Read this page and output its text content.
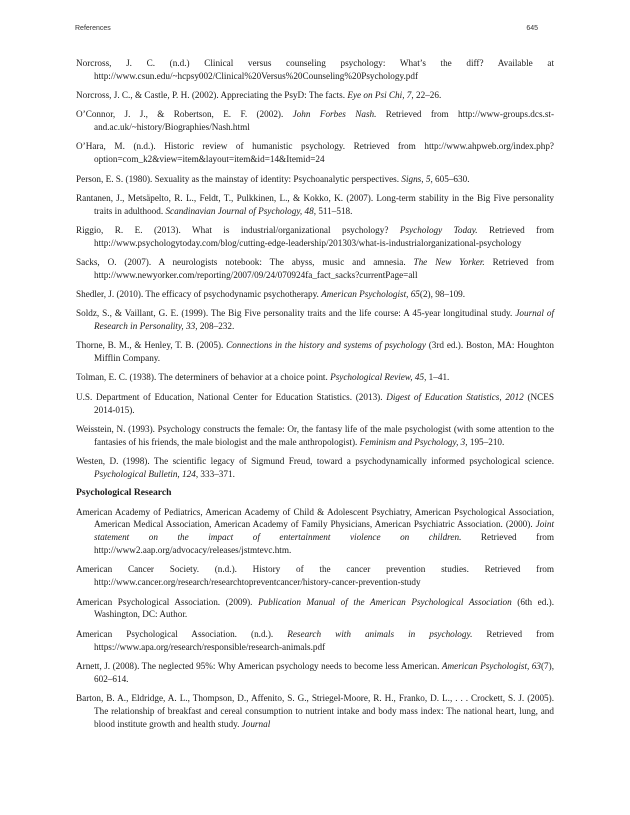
References	645

Norcross, J. C. (n.d.) Clinical versus counseling psychology: What’s the diff? Available at http://www.csun.edu/~hcpsy002/Clinical%20Versus%20Counseling%20Psychology.pdf

Norcross, J. C., & Castle, P. H. (2002). Appreciating the PsyD: The facts. Eye on Psi Chi, 7, 22–26.

O’Connor, J. J., & Robertson, E. F. (2002). John Forbes Nash. Retrieved from http://www-groups.dcs.st-and.ac.uk/~history/Biographies/Nash.html

O’Hara, M. (n.d.). Historic review of humanistic psychology. Retrieved from http://www.ahpweb.org/index.php?option=com_k2&view=item&layout=item&id=14&Itemid=24

Person, E. S. (1980). Sexuality as the mainstay of identity: Psychoanalytic perspectives. Signs, 5, 605–630.

Rantanen, J., Metsäpelto, R. L., Feldt, T., Pulkkinen, L., & Kokko, K. (2007). Long-term stability in the Big Five personality traits in adulthood. Scandinavian Journal of Psychology, 48, 511–518.

Riggio, R. E. (2013). What is industrial/organizational psychology? Psychology Today. Retrieved from http://www.psychologytoday.com/blog/cutting-edge-leadership/201303/what-is-industrialorganizational-psychology

Sacks, O. (2007). A neurologists notebook: The abyss, music and amnesia. The New Yorker. Retrieved from http://www.newyorker.com/reporting/2007/09/24/070924fa_fact_sacks?currentPage=all

Shedler, J. (2010). The efficacy of psychodynamic psychotherapy. American Psychologist, 65(2), 98–109.

Soldz, S., & Vaillant, G. E. (1999). The Big Five personality traits and the life course: A 45-year longitudinal study. Journal of Research in Personality, 33, 208–232.

Thorne, B. M., & Henley, T. B. (2005). Connections in the history and systems of psychology (3rd ed.). Boston, MA: Houghton Mifflin Company.

Tolman, E. C. (1938). The determiners of behavior at a choice point. Psychological Review, 45, 1–41.

U.S. Department of Education, National Center for Education Statistics. (2013). Digest of Education Statistics, 2012 (NCES 2014-015).

Weisstein, N. (1993). Psychology constructs the female: Or, the fantasy life of the male psychologist (with some attention to the fantasies of his friends, the male biologist and the male anthropologist). Feminism and Psychology, 3, 195–210.

Westen, D. (1998). The scientific legacy of Sigmund Freud, toward a psychodynamically informed psychological science. Psychological Bulletin, 124, 333–371.

Psychological Research

American Academy of Pediatrics, American Academy of Child & Adolescent Psychiatry, American Psychological Association, American Medical Association, American Academy of Family Physicians, American Psychiatric Association. (2000). Joint statement on the impact of entertainment violence on children. Retrieved from http://www2.aap.org/advocacy/releases/jstmtevc.htm.

American Cancer Society. (n.d.). History of the cancer prevention studies. Retrieved from http://www.cancer.org/research/researchtopreventcancer/history-cancer-prevention-study

American Psychological Association. (2009). Publication Manual of the American Psychological Association (6th ed.). Washington, DC: Author.

American Psychological Association. (n.d.). Research with animals in psychology. Retrieved from https://www.apa.org/research/responsible/research-animals.pdf

Arnett, J. (2008). The neglected 95%: Why American psychology needs to become less American. American Psychologist, 63(7), 602–614.

Barton, B. A., Eldridge, A. L., Thompson, D., Affenito, S. G., Striegel-Moore, R. H., Franko, D. L., . . . Crockett, S. J. (2005). The relationship of breakfast and cereal consumption to nutrient intake and body mass index: The national heart, lung, and blood institute growth and health study. Journal
